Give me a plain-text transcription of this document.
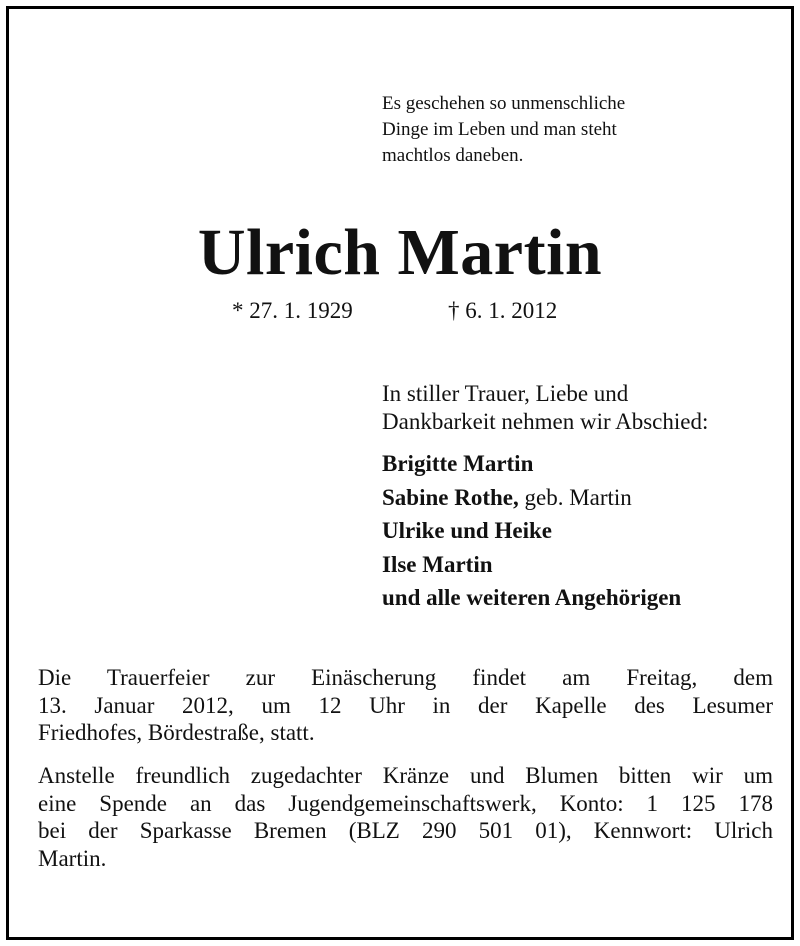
Es geschehen so unmenschliche
Dinge im Leben und man steht
machtlos daneben.
Ulrich Martin
* 27. 1. 1929	† 6. 1. 2012
In stiller Trauer, Liebe und
Dankbarkeit nehmen wir Abschied:
Brigitte Martin
Sabine Rothe, geb. Martin
Ulrike und Heike
Ilse Martin
und alle weiteren Angehörigen
Die Trauerfeier zur Einäscherung findet am Freitag, dem
13. Januar 2012, um 12 Uhr in der Kapelle des Lesumer
Friedhofes, Bördestraße, statt.
Anstelle freundlich zugedachter Kränze und Blumen bitten wir um
eine Spende an das Jugendgemeinschaftswerk, Konto: 1 125 178
bei der Sparkasse Bremen (BLZ 290 501 01), Kennwort: Ulrich
Martin.
